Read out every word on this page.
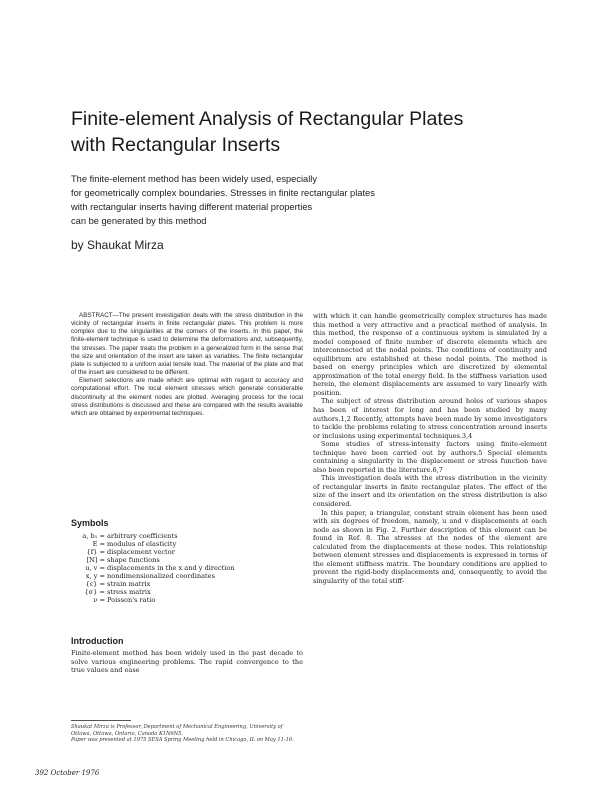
Finite-element Analysis of Rectangular Plates
with Rectangular Inserts
The finite-element method has been widely used, especially
for geometrically complex boundaries. Stresses in finite rectangular plates
with rectangular inserts having different material properties
can be generated by this method
by Shaukat Mirza

ABSTRACT—The present investigation deals with the stress distribution in the vicinity of rectangular inserts in finite rectangular plates. This problem is more complex due to the singularities at the corners of the inserts. In this paper, the finite-element technique is used to determine the deformations and, subsequently, the stresses. The paper treats the problem in a generalized form in the sense that the size and orientation of the insert are taken as variables. The finite rectangular plate is subjected to a uniform axial tensile load. The material of the plate and that of the insert are considered to be different.

Element selections are made which are optimal with regard to accuracy and computational effort. The local element stresses which generate considerable discontinuity at the element nodes are plotted. Averaging process for the local stress distributions is discussed and these are compared with the results available which are obtained by experimental techniques.

Symbols
a, b₁ =	arbitrary coefficients
E =	modulus of elasticity
{f} =	displacement vector
[N] =	shape functions
u, v =	displacements in the x and y direction
x, y =	nondimensionalized coordinates
{ε} =	strain matrix
{σ} =	stress matrix
ν =	Poisson's ratio
Introduction

Finite-element method has been widely used in the past decade to solve various engineering problems. The rapid convergence to the true values and ease

with which it can handle geometrically complex structures has made this method a very attractive and a practical method of analysis. In this method, the response of a continuous system is simulated by a model composed of finite number of discrete elements which are interconnected at the nodal points. The conditions of continuity and equilibrium are established at these nodal points. The method is based on energy principles which are discretized by elemental approximation of the total energy field. In the stiffness variation used herein, the element displacements are assumed to vary linearly with position.

The subject of stress distribution around holes of various shapes has been of interest for long and has been studied by many authors.1,2 Recently, attempts have been made by some investigators to tackle the problems relating to stress concentration around inserts or inclusions using experimental techniques.3,4

Some studies of stress-intensity factors using finite-element technique have been carried out by authors.5 Special elements containing a singularity in the displacement or stress function have also been reported in the literature.6,7

This investigation deals with the stress distribution in the vicinity of rectangular inserts in finite rectangular plates. The effect of the size of the insert and its orientation on the stress distribution is also considered.

In this paper, a triangular, constant strain element has been used with six degrees of freedom, namely, u and v displacements at each node as shown in Fig. 2. Further description of this element can be found in Ref. 8. The stresses at the nodes of the element are calculated from the displacements at these nodes. This relationship between element stresses and displacements is expressed in terms of the element stiffness matrix. The boundary conditions are applied to prevent the rigid-body displacements and, consequently, to avoid the singularity of the total stiff-

Shaukat Mirza is Professor, Department of Mechanical Engineering, University of Ottawa, Ottawa, Ontario, Canada K1N6N5.
Paper was presented at 1975 SESA Spring Meeting held in Chicago, IL on May 11-16.
392 October 1976
